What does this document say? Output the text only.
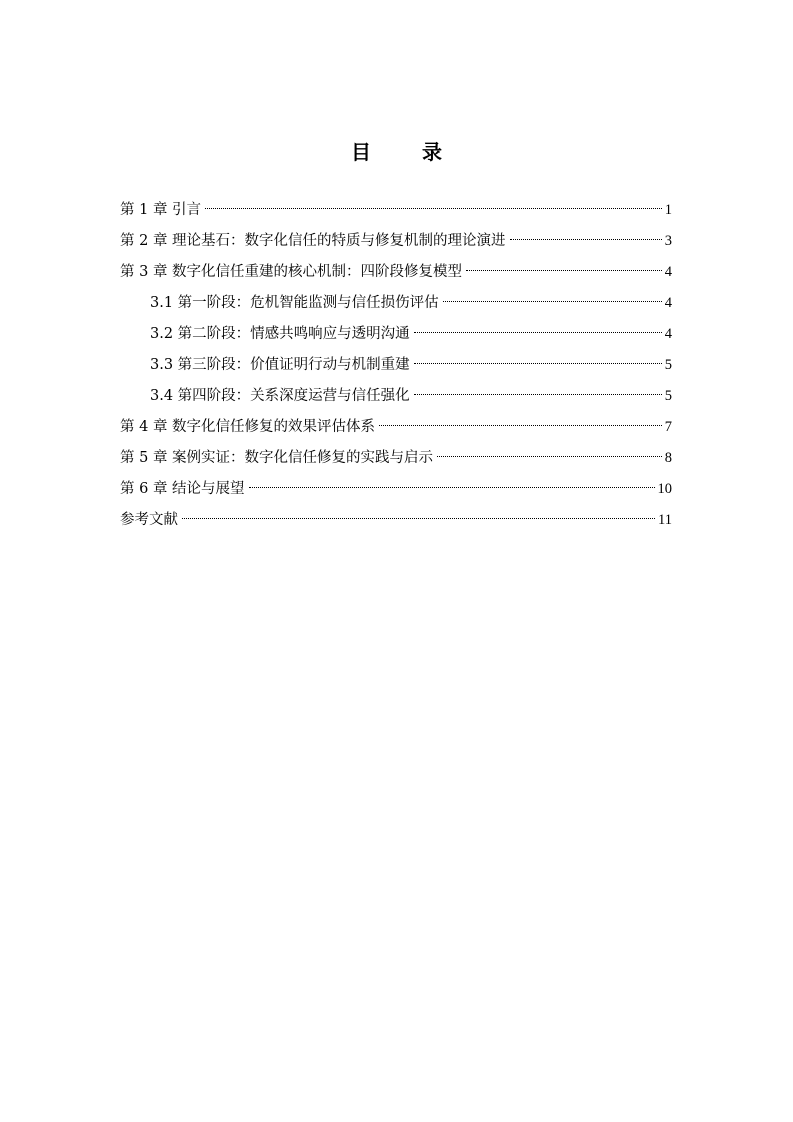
目 录
第 1 章 引言	1
第 2 章 理论基石：数字化信任的特质与修复机制的理论演进	3
第 3 章 数字化信任重建的核心机制：四阶段修复模型	4
3.1 第一阶段：危机智能监测与信任损伤评估	4
3.2 第二阶段：情感共鸣响应与透明沟通	4
3.3 第三阶段：价值证明行动与机制重建	5
3.4 第四阶段：关系深度运营与信任强化	5
第 4 章 数字化信任修复的效果评估体系	7
第 5 章 案例实证：数字化信任修复的实践与启示	8
第 6 章 结论与展望	10
参考文献	11
